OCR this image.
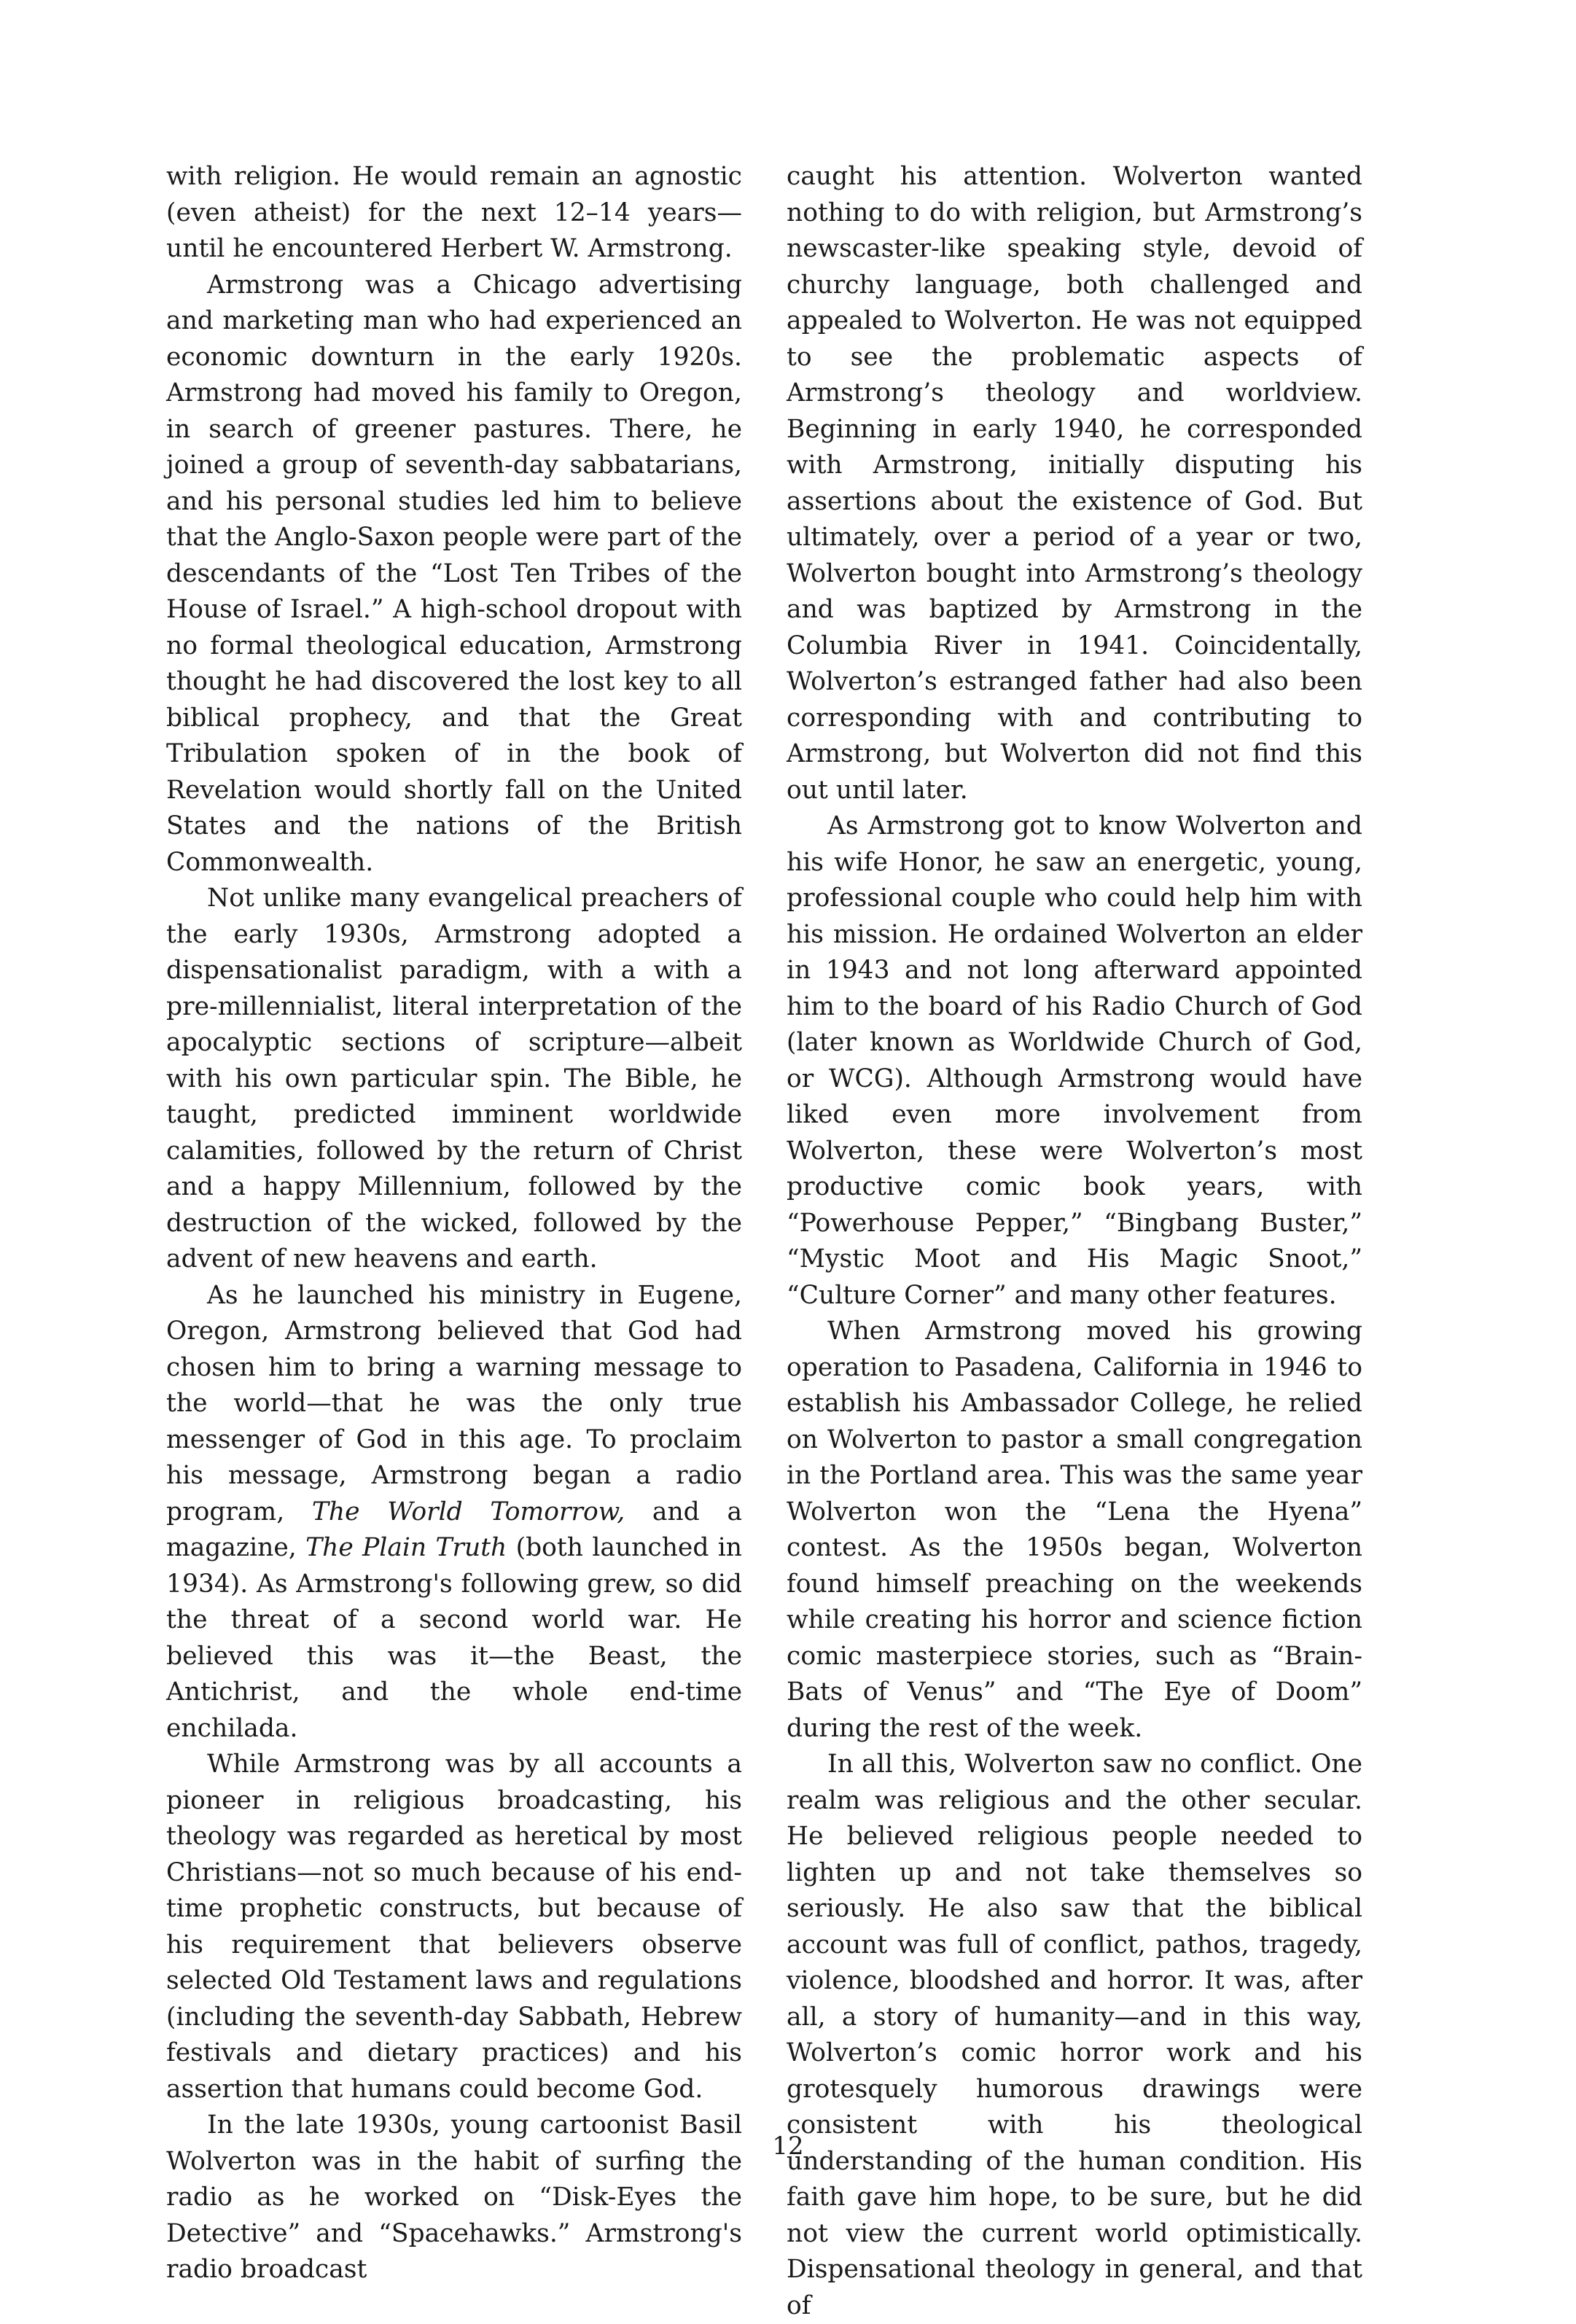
with religion. He would remain an agnostic (even atheist) for the next 12–14 years—until he encountered Herbert W. Armstrong.

Armstrong was a Chicago advertising and marketing man who had experienced an economic downturn in the early 1920s. Armstrong had moved his family to Oregon, in search of greener pastures. There, he joined a group of seventh-day sabbatarians, and his personal studies led him to believe that the Anglo-Saxon people were part of the descendants of the “Lost Ten Tribes of the House of Israel.” A high-school dropout with no formal theological education, Armstrong thought he had discovered the lost key to all biblical prophecy, and that the Great Tribulation spoken of in the book of Revelation would shortly fall on the United States and the nations of the British Commonwealth.

Not unlike many evangelical preachers of the early 1930s, Armstrong adopted a dispensationalist paradigm, with a with a pre-millennialist, literal interpretation of the apocalyptic sections of scripture—albeit with his own particular spin. The Bible, he taught, predicted imminent worldwide calamities, followed by the return of Christ and a happy Millennium, followed by the destruction of the wicked, followed by the advent of new heavens and earth.

As he launched his ministry in Eugene, Oregon, Armstrong believed that God had chosen him to bring a warning message to the world—that he was the only true messenger of God in this age. To proclaim his message, Armstrong began a radio program, The World Tomorrow, and a magazine, The Plain Truth (both launched in 1934). As Armstrong's following grew, so did the threat of a second world war. He believed this was it—the Beast, the Antichrist, and the whole end-time enchilada.

While Armstrong was by all accounts a pioneer in religious broadcasting, his theology was regarded as heretical by most Christians—not so much because of his end-time prophetic constructs, but because of his requirement that believers observe selected Old Testament laws and regulations (including the seventh-day Sabbath, Hebrew festivals and dietary practices) and his assertion that humans could become God.

In the late 1930s, young cartoonist Basil Wolverton was in the habit of surfing the radio as he worked on “Disk-Eyes the Detective” and “Spacehawks.” Armstrong's radio broadcast

caught his attention. Wolverton wanted nothing to do with religion, but Armstrong’s newscaster-like speaking style, devoid of churchy language, both challenged and appealed to Wolverton. He was not equipped to see the problematic aspects of Armstrong’s theology and worldview. Beginning in early 1940, he corresponded with Armstrong, initially disputing his assertions about the existence of God. But ultimately, over a period of a year or two, Wolverton bought into Armstrong’s theology and was baptized by Armstrong in the Columbia River in 1941. Coincidentally, Wolverton’s estranged father had also been corresponding with and contributing to Armstrong, but Wolverton did not find this out until later.

As Armstrong got to know Wolverton and his wife Honor, he saw an energetic, young, professional couple who could help him with his mission. He ordained Wolverton an elder in 1943 and not long afterward appointed him to the board of his Radio Church of God (later known as Worldwide Church of God, or WCG). Although Armstrong would have liked even more involvement from Wolverton, these were Wolverton’s most productive comic book years, with “Powerhouse Pepper,” “Bingbang Buster,” “Mystic Moot and His Magic Snoot,” “Culture Corner” and many other features.

When Armstrong moved his growing operation to Pasadena, California in 1946 to establish his Ambassador College, he relied on Wolverton to pastor a small congregation in the Portland area. This was the same year Wolverton won the “Lena the Hyena” contest. As the 1950s began, Wolverton found himself preaching on the weekends while creating his horror and science fiction comic masterpiece stories, such as “Brain-Bats of Venus” and “The Eye of Doom” during the rest of the week.

In all this, Wolverton saw no conflict. One realm was religious and the other secular. He believed religious people needed to lighten up and not take themselves so seriously. He also saw that the biblical account was full of conflict, pathos, tragedy, violence, bloodshed and horror. It was, after all, a story of humanity—and in this way, Wolverton’s comic horror work and his grotesquely humorous drawings were consistent with his theological understanding of the human condition. His faith gave him hope, to be sure, but he did not view the current world optimistically. Dispensational theology in general, and that of

12
